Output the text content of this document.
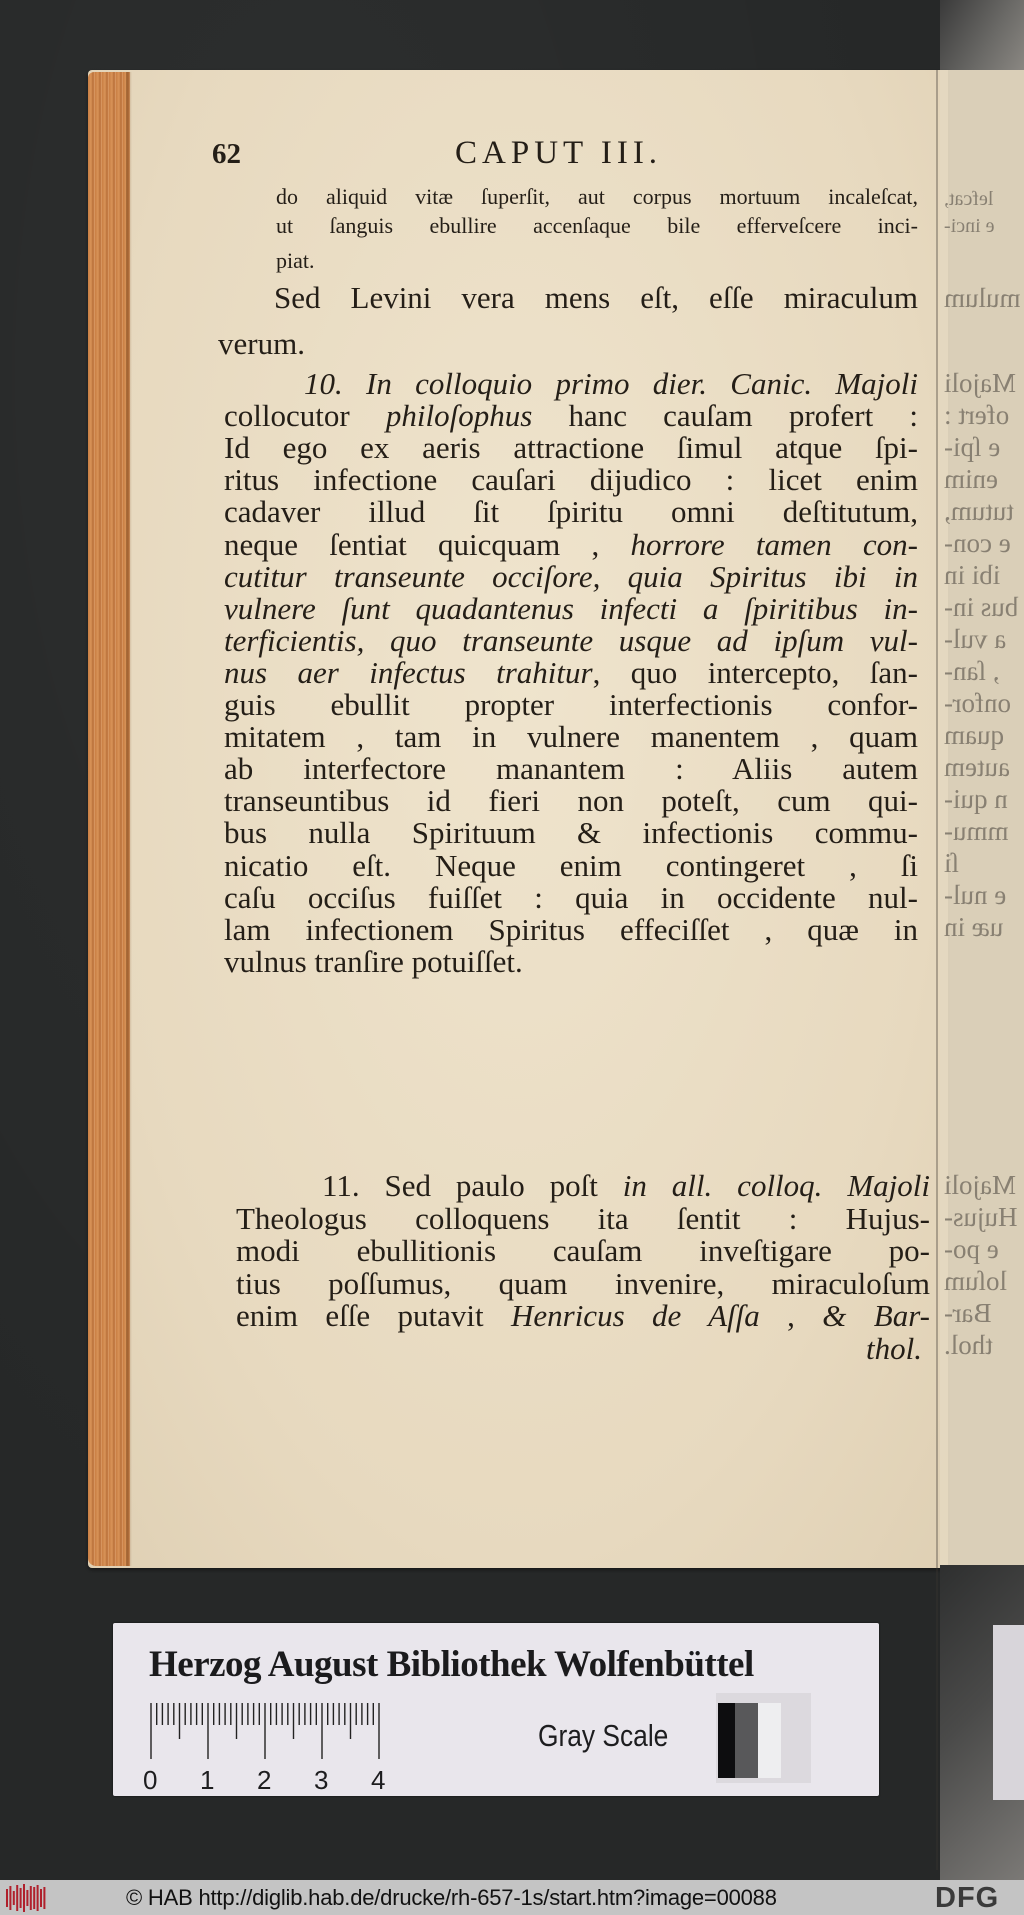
lefcat,
e inci-
mulum
Majoli
ofert :
e ſpi-
enim
tutum,
e con-
ibi in
bus in-
a vul-
, ſan-
onfor-
quam
autem
n qui-
mmu-
ſi
e nul-
uæ in
Majoli
Hujus-
e po-
loſum
Bar-
thol.
62	CAPUT III.
do aliquid vitæ ſuperſit, aut corpus mortuum incaleſcat,
ut ſanguis ebullire accenſaque bile efferveſcere inci-
piat.
Sed Levini vera mens eſt, eſſe miraculum
verum.
10. In colloquio primo dier. Canic. Majoli
collocutor philoſophus hanc cauſam profert :
Id ego ex aeris attractione ſimul atque ſpi-
ritus infectione cauſari dijudico : licet enim
cadaver illud ſit ſpiritu omni deſtitutum,
neque ſentiat quicquam , horrore tamen con-
cutitur transeunte occiſore, quia Spiritus ibi in
vulnere ſunt quadantenus infecti a ſpiritibus in-
terficientis, quo transeunte usque ad ipſum vul-
nus aer infectus trahitur, quo intercepto, ſan-
guis ebullit propter interfectionis confor-
mitatem , tam in vulnere manentem , quam
ab interfectore manantem : Aliis autem
transeuntibus id fieri non poteſt, cum qui-
bus nulla Spirituum & infectionis commu-
nicatio eſt. Neque enim contingeret , ſi
caſu occiſus fuiſſet : quia in occidente nul-
lam infectionem Spiritus effeciſſet , quæ in
vulnus tranſire potuiſſet.
11. Sed paulo poſt in all. colloq. Majoli
Theologus colloquens ita ſentit : Hujus-
modi ebullitionis cauſam inveſtigare po-
tius poſſumus, quam invenire, miraculoſum
enim eſſe putavit Henricus de Aſſa , & Bar-
thol.
Herzog August Bibliothek Wolfenbüttel
0 1 2 3 4
Gray Scale
© HAB http://diglib.hab.de/drucke/rh-657-1s/start.htm?image=00088	DFG
